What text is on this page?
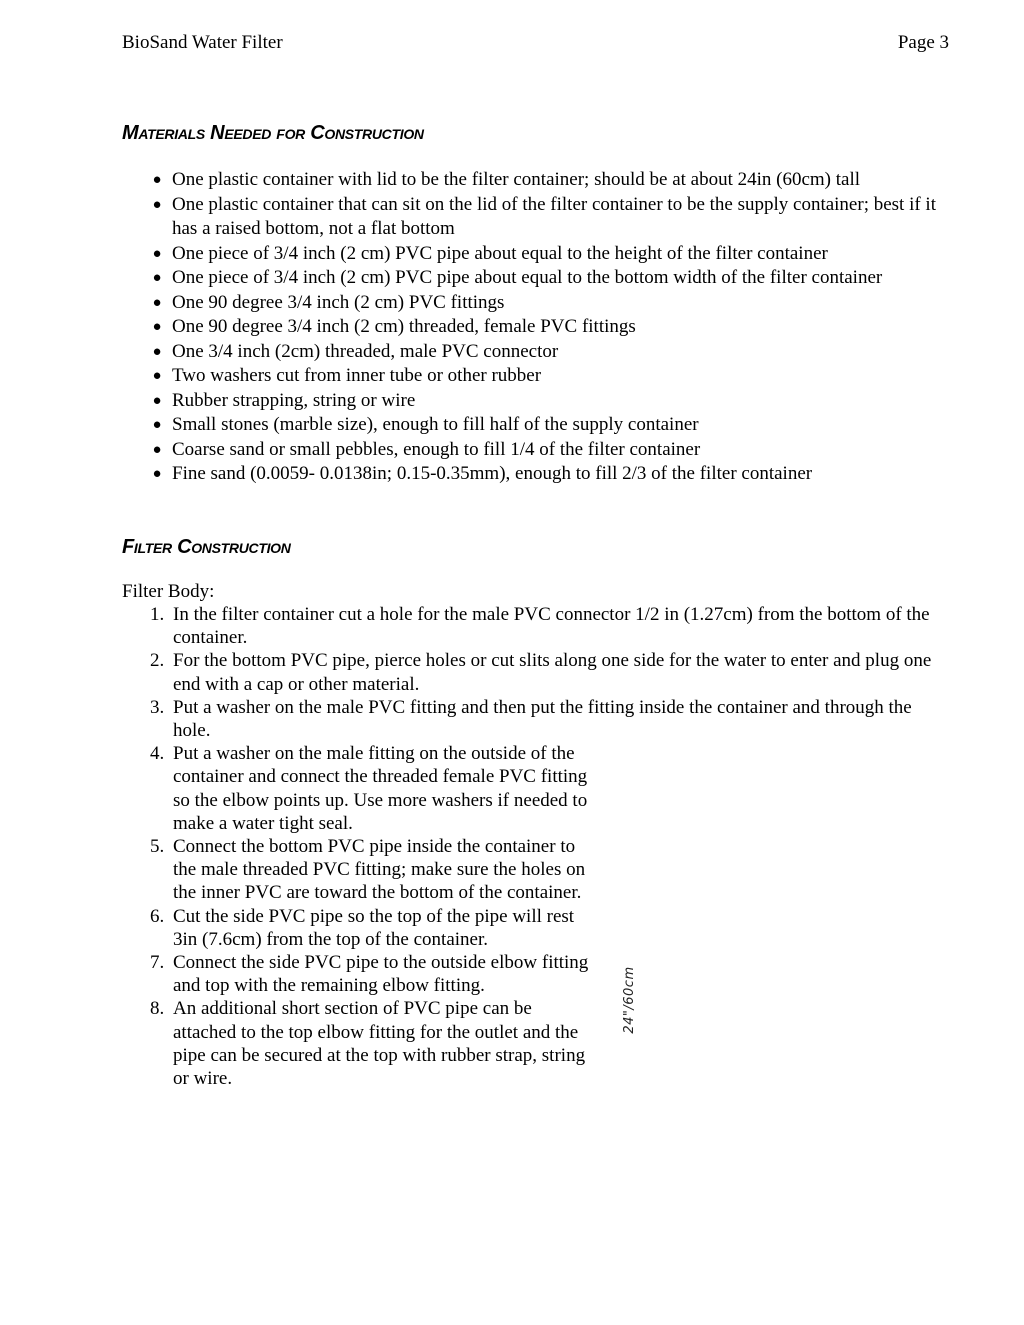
BioSand Water Filter	Page 3
Materials Needed for Construction
● One plastic container with lid to be the filter container; should be at about 24in (60cm) tall
● One plastic container that can sit on the lid of the filter container to be the supply container; best if it has a raised bottom, not a flat bottom
● One piece of 3/4 inch (2 cm) PVC pipe about equal to the height of the filter container
● One piece of 3/4 inch (2 cm) PVC pipe about equal to the bottom width of the filter container
● One 90 degree 3/4 inch (2 cm) PVC fittings
● One 90 degree 3/4 inch (2 cm) threaded, female PVC fittings
● One 3/4 inch (2cm) threaded, male PVC connector
● Two washers cut from inner tube or other rubber
● Rubber strapping, string or wire
● Small stones (marble size), enough to fill half of the supply container
● Coarse sand or small pebbles, enough to fill 1/4 of the filter container
● Fine sand (0.0059- 0.0138in; 0.15-0.35mm), enough to fill 2/3 of the filter container
Filter Construction
Filter Body:
1. In the filter container cut a hole for the male PVC connector 1/2 in (1.27cm) from the bottom of the container.
2. For the bottom PVC pipe, pierce holes or cut slits along one side for the water to enter and plug one end with a cap or other material.
3. Put a washer on the male PVC fitting and then put the fitting inside the container and through the hole.
4. Put a washer on the male fitting on the outside of the container and connect the threaded female PVC fitting so the elbow points up. Use more washers if needed to make a water tight seal.
5. Connect the bottom PVC pipe inside the container to the male threaded PVC fitting; make sure the holes on the inner PVC are toward the bottom of the container.
6. Cut the side PVC pipe so the top of the pipe will rest 3in (7.6cm) from the top of the container.
7. Connect the side PVC pipe to the outside elbow fitting and top with the remaining elbow fitting.
8. An additional short section of PVC pipe can be attached to the top elbow fitting for the outlet and the pipe can be secured at the top with rubber strap, string or wire.
24"/60cm
